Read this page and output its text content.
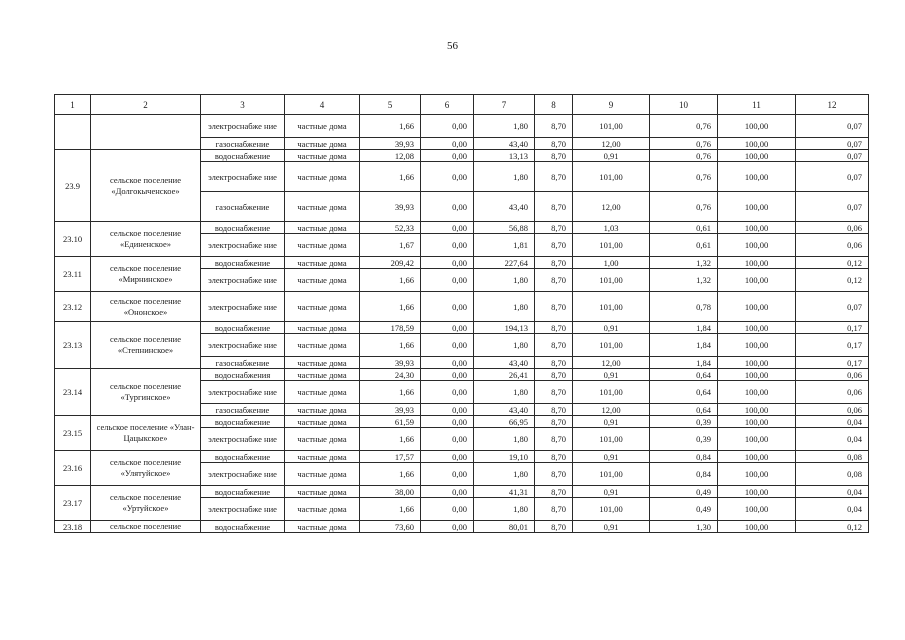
56
1	2	3	4	5	6	7	8	9	10	11	12
		электроснабже ние	частные дома	1,66	0,00	1,80	8,70	101,00	0,76	100,00	0,07
		газоснабжение	частные дома	39,93	0,00	43,40	8,70	12,00	0,76	100,00	0,07
23.9	сельское поселение «Долгокыченское»	водоснабжение	частные дома	12,08	0,00	13,13	8,70	0,91	0,76	100,00	0,07
		электроснабже ние	частные дома	1,66	0,00	1,80	8,70	101,00	0,76	100,00	0,07
		газоснабжение	частные дома	39,93	0,00	43,40	8,70	12,00	0,76	100,00	0,07
23.10	сельское поселение «Единенское»	водоснабжение	частные дома	52,33	0,00	56,88	8,70	1,03	0,61	100,00	0,06
		электроснабже ние	частные дома	1,67	0,00	1,81	8,70	101,00	0,61	100,00	0,06
23.11	сельское поселение «Мирнинское»	водоснабжение	частные дома	209,42	0,00	227,64	8,70	1,00	1,32	100,00	0,12
		электроснабже ние	частные дома	1,66	0,00	1,80	8,70	101,00	1,32	100,00	0,12
23.12	сельское поселение «Ононское»	электроснабже ние	частные дома	1,66	0,00	1,80	8,70	101,00	0,78	100,00	0,07
23.13	сельское поселение «Степнинское»	водоснабжение	частные дома	178,59	0,00	194,13	8,70	0,91	1,84	100,00	0,17
		электроснабже ние	частные дома	1,66	0,00	1,80	8,70	101,00	1,84	100,00	0,17
		газоснабжение	частные дома	39,93	0,00	43,40	8,70	12,00	1,84	100,00	0,17
23.14	сельское поселение «Тургинское»	водоснабжения	частные дома	24,30	0,00	26,41	8,70	0,91	0,64	100,00	0,06
		электроснабже ние	частные дома	1,66	0,00	1,80	8,70	101,00	0,64	100,00	0,06
		газоснабжение	частные дома	39,93	0,00	43,40	8,70	12,00	0,64	100,00	0,06
23.15	сельское поселение «Улан-Цацыкское»	водоснабжение	частные дома	61,59	0,00	66,95	8,70	0,91	0,39	100,00	0,04
		электроснабже ние	частные дома	1,66	0,00	1,80	8,70	101,00	0,39	100,00	0,04
23.16	сельское поселение «Улятуйское»	водоснабжение	частные дома	17,57	0,00	19,10	8,70	0,91	0,84	100,00	0,08
		электроснабже ние	частные дома	1,66	0,00	1,80	8,70	101,00	0,84	100,00	0,08
23.17	сельское поселение «Уртуйское»	водоснабжение	частные дома	38,00	0,00	41,31	8,70	0,91	0,49	100,00	0,04
		электроснабже ние	частные дома	1,66	0,00	1,80	8,70	101,00	0,49	100,00	0,04
23.18	сельское поселение	водоснабжение	частные дома	73,60	0,00	80,01	8,70	0,91	1,30	100,00	0,12
